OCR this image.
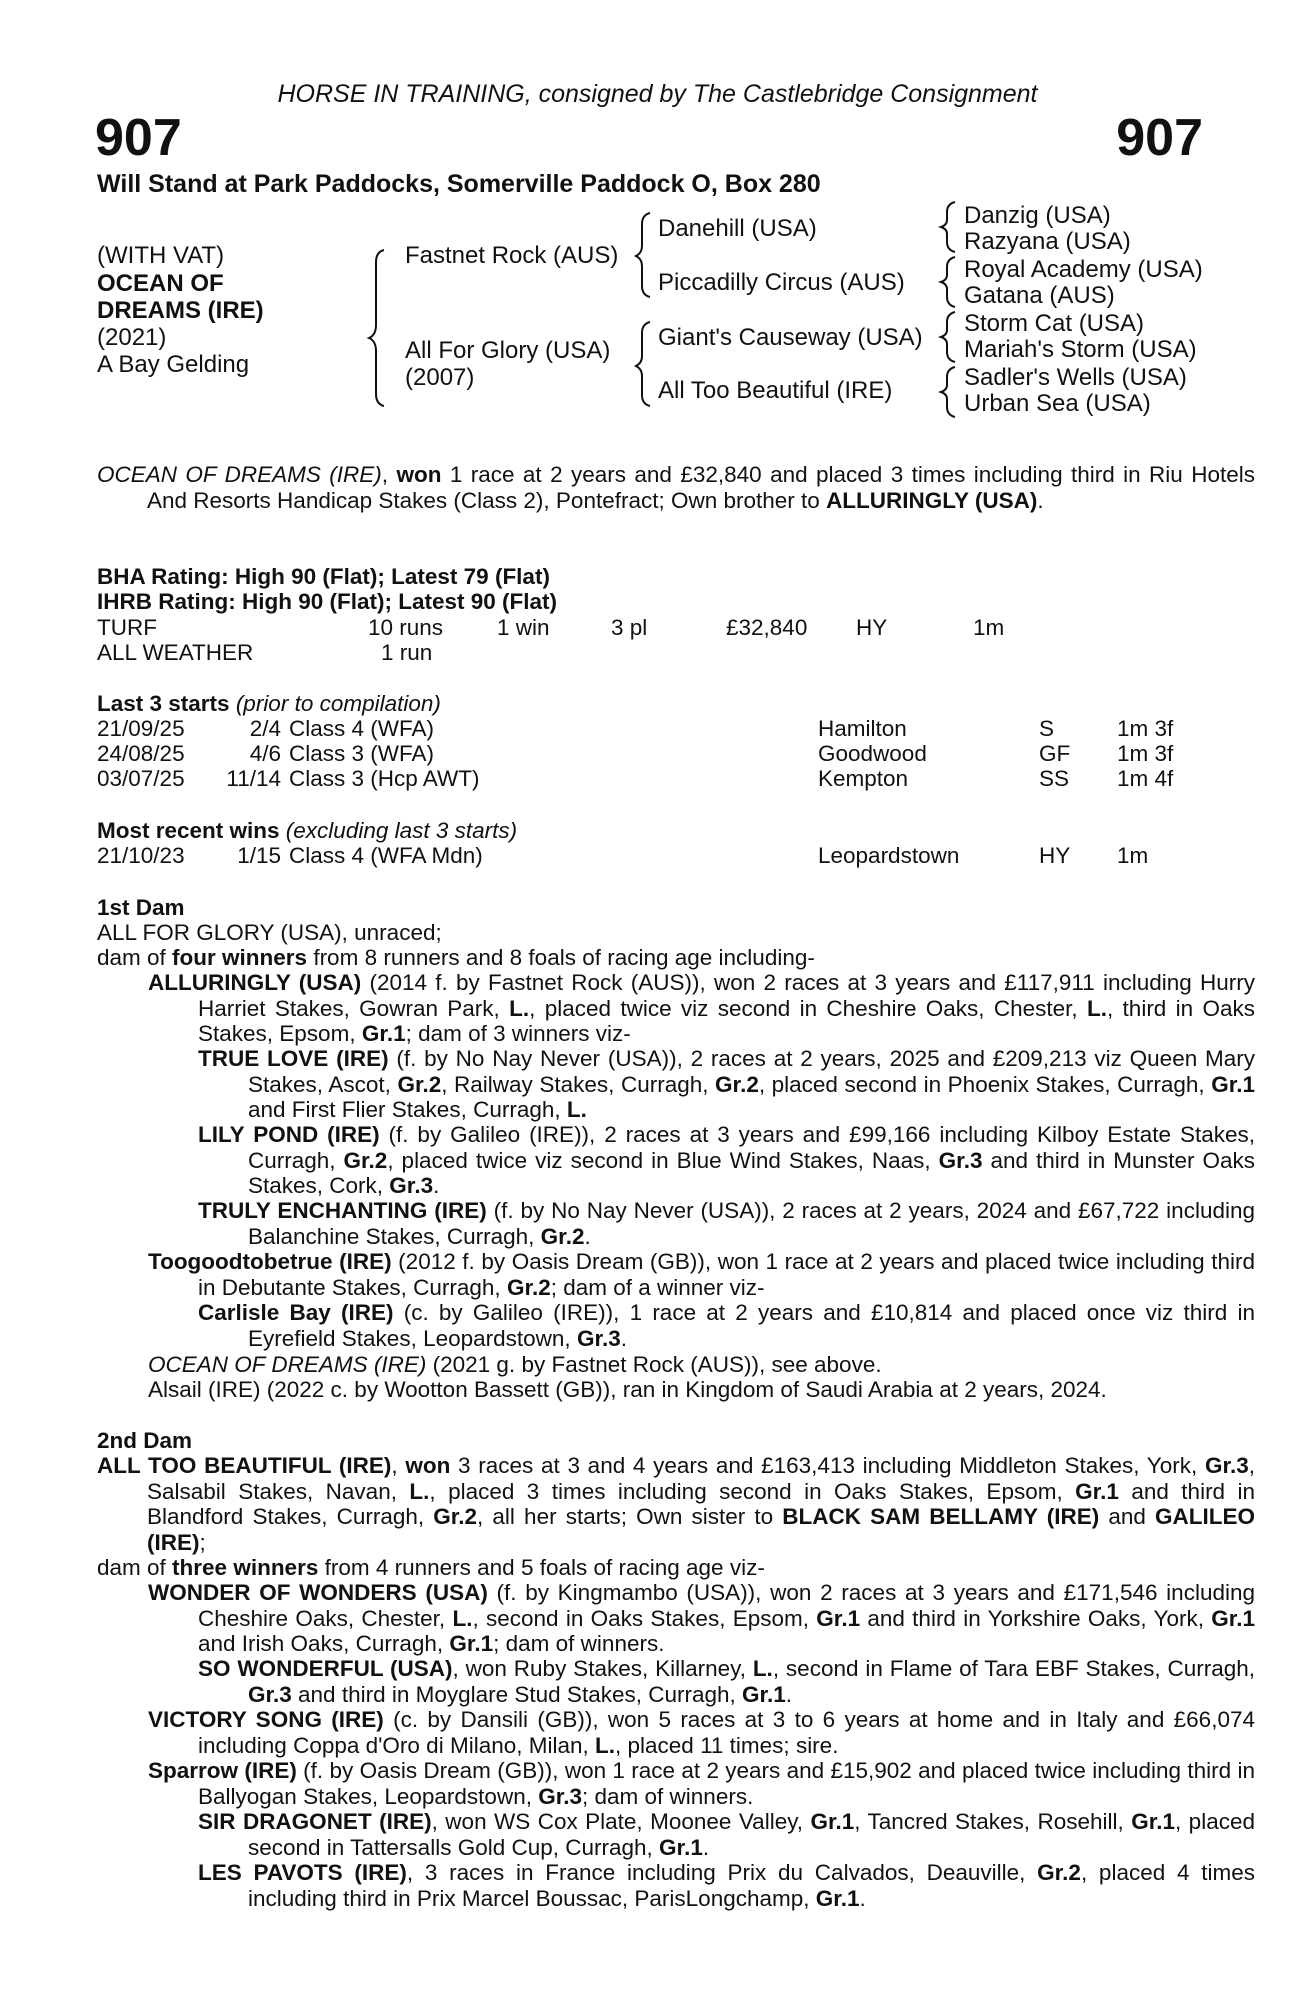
HORSE IN TRAINING, consigned by The Castlebridge Consignment
907	907
Will Stand at Park Paddocks, Somerville Paddock O, Box 280
(WITH VAT)
OCEAN OF
DREAMS (IRE)
(2021)
A Bay Gelding
Fastnet Rock (AUS)
All For Glory (USA)
(2007)
Danehill (USA)
Piccadilly Circus (AUS)
Giant's Causeway (USA)
All Too Beautiful (IRE)
Danzig (USA)
Razyana (USA)
Royal Academy (USA)
Gatana (AUS)
Storm Cat (USA)
Mariah's Storm (USA)
Sadler's Wells (USA)
Urban Sea (USA)
OCEAN OF DREAMS (IRE), won 1 race at 2 years and £32,840 and placed 3 times including third in Riu Hotels And Resorts Handicap Stakes (Class 2), Pontefract; Own brother to ALLURINGLY (USA).
BHA Rating: High 90 (Flat); Latest 79 (Flat)
IHRB Rating: High 90 (Flat); Latest 90 (Flat)
TURF	10 runs 1 win	3 pl	£32,840 HY	1m
ALL WEATHER	1 run
Last 3 starts (prior to compilation)
21/09/25	2/4 Class 4 (WFA)	Hamilton	S	1m 3f
24/08/25	4/6 Class 3 (WFA)	Goodwood	GF 1m 3f
03/07/25 11/14 Class 3 (Hcp AWT)	Kempton	SS 1m 4f
Most recent wins (excluding last 3 starts)
21/10/23 1/15 Class 4 (WFA Mdn)	Leopardstown	HY 1m
1st Dam
ALL FOR GLORY (USA), unraced;
dam of four winners from 8 runners and 8 foals of racing age including-
ALLURINGLY (USA) (2014 f. by Fastnet Rock (AUS)), won 2 races at 3 years and £117,911 including Hurry Harriet Stakes, Gowran Park, L., placed twice viz second in Cheshire Oaks, Chester, L., third in Oaks Stakes, Epsom, Gr.1; dam of 3 winners viz-
TRUE LOVE (IRE) (f. by No Nay Never (USA)), 2 races at 2 years, 2025 and £209,213 viz Queen Mary Stakes, Ascot, Gr.2, Railway Stakes, Curragh, Gr.2, placed second in Phoenix Stakes, Curragh, Gr.1 and First Flier Stakes, Curragh, L.
LILY POND (IRE) (f. by Galileo (IRE)), 2 races at 3 years and £99,166 including Kilboy Estate Stakes, Curragh, Gr.2, placed twice viz second in Blue Wind Stakes, Naas, Gr.3 and third in Munster Oaks Stakes, Cork, Gr.3.
TRULY ENCHANTING (IRE) (f. by No Nay Never (USA)), 2 races at 2 years, 2024 and £67,722 including Balanchine Stakes, Curragh, Gr.2.
Toogoodtobetrue (IRE) (2012 f. by Oasis Dream (GB)), won 1 race at 2 years and placed twice including third in Debutante Stakes, Curragh, Gr.2; dam of a winner viz-
Carlisle Bay (IRE) (c. by Galileo (IRE)), 1 race at 2 years and £10,814 and placed once viz third in Eyrefield Stakes, Leopardstown, Gr.3.
OCEAN OF DREAMS (IRE) (2021 g. by Fastnet Rock (AUS)), see above.
Alsail (IRE) (2022 c. by Wootton Bassett (GB)), ran in Kingdom of Saudi Arabia at 2 years, 2024.
2nd Dam
ALL TOO BEAUTIFUL (IRE), won 3 races at 3 and 4 years and £163,413 including Middleton Stakes, York, Gr.3, Salsabil Stakes, Navan, L., placed 3 times including second in Oaks Stakes, Epsom, Gr.1 and third in Blandford Stakes, Curragh, Gr.2, all her starts; Own sister to BLACK SAM BELLAMY (IRE) and GALILEO (IRE);
dam of three winners from 4 runners and 5 foals of racing age viz-
WONDER OF WONDERS (USA) (f. by Kingmambo (USA)), won 2 races at 3 years and £171,546 including Cheshire Oaks, Chester, L., second in Oaks Stakes, Epsom, Gr.1 and third in Yorkshire Oaks, York, Gr.1 and Irish Oaks, Curragh, Gr.1; dam of winners.
SO WONDERFUL (USA), won Ruby Stakes, Killarney, L., second in Flame of Tara EBF Stakes, Curragh, Gr.3 and third in Moyglare Stud Stakes, Curragh, Gr.1.
VICTORY SONG (IRE) (c. by Dansili (GB)), won 5 races at 3 to 6 years at home and in Italy and £66,074 including Coppa d'Oro di Milano, Milan, L., placed 11 times; sire.
Sparrow (IRE) (f. by Oasis Dream (GB)), won 1 race at 2 years and £15,902 and placed twice including third in Ballyogan Stakes, Leopardstown, Gr.3; dam of winners.
SIR DRAGONET (IRE), won WS Cox Plate, Moonee Valley, Gr.1, Tancred Stakes, Rosehill, Gr.1, placed second in Tattersalls Gold Cup, Curragh, Gr.1.
LES PAVOTS (IRE), 3 races in France including Prix du Calvados, Deauville, Gr.2, placed 4 times including third in Prix Marcel Boussac, ParisLongchamp, Gr.1.
